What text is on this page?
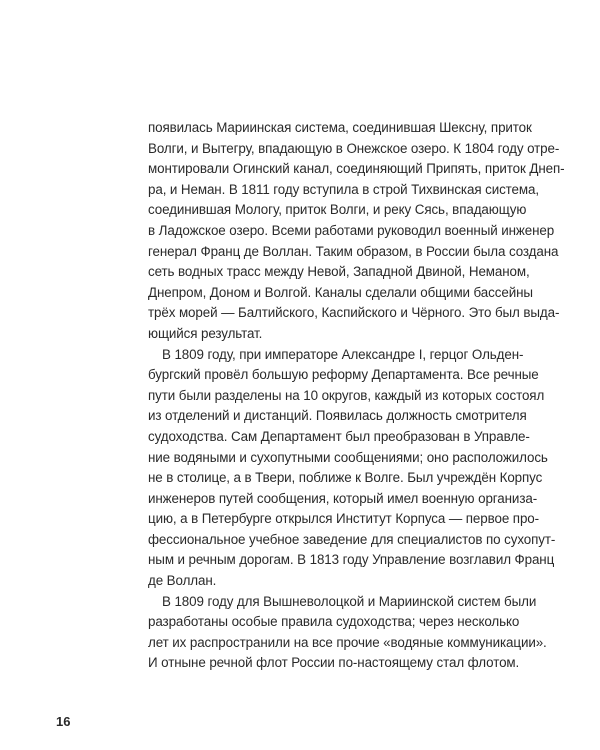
появилась Мариинская система, соединившая Шексну, приток
Волги, и Вытегру, впадающую в Онежское озеро. К 1804 году отре-
монтировали Огинский канал, соединяющий Припять, приток Днеп-
ра, и Неман. В 1811 году вступила в строй Тихвинская система,
соединившая Мологу, приток Волги, и реку Сясь, впадающую
в Ладожское озеро. Всеми работами руководил военный инженер
генерал Франц де Воллан. Таким образом, в России была создана
сеть водных трасс между Невой, Западной Двиной, Неманом,
Днепром, Доном и Волгой. Каналы сделали общими бассейны
трёх морей — Балтийского, Каспийского и Чёрного. Это был выда-
ющийся результат.
В 1809 году, при императоре Александре I, герцог Ольден-
бургский провёл большую реформу Департамента. Все речные
пути были разделены на 10 округов, каждый из которых состоял
из отделений и дистанций. Появилась должность смотрителя
судоходства. Сам Департамент был преобразован в Управле-
ние водяными и сухопутными сообщениями; оно расположилось
не в столице, а в Твери, поближе к Волге. Был учреждён Корпус
инженеров путей сообщения, который имел военную организа-
цию, а в Петербурге открылся Институт Корпуса — первое про-
фессиональное учебное заведение для специалистов по сухопут-
ным и речным дорогам. В 1813 году Управление возглавил Франц
де Воллан.
В 1809 году для Вышневолоцкой и Мариинской систем были
разработаны особые правила судоходства; через несколько
лет их распространили на все прочие «водяные коммуникации».
И отныне речной флот России по-настоящему стал флотом.
16
